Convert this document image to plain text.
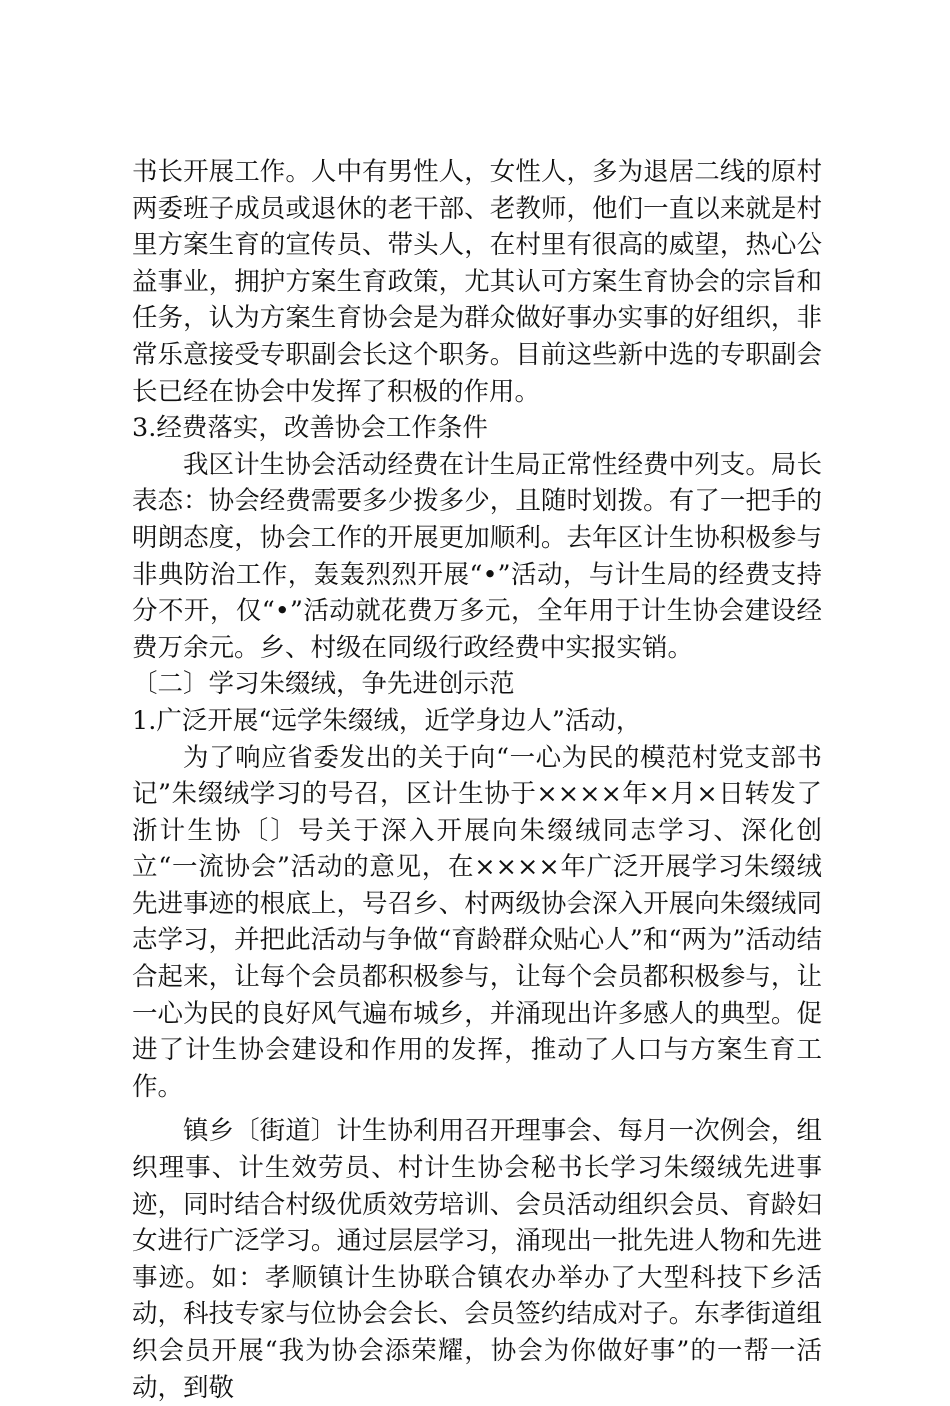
书长开展工作。人中有男性人，女性人，多为退居二线的原村两委班子成员或退休的老干部、老教师，他们一直以来就是村里方案生育的宣传员、带头人，在村里有很高的威望，热心公益事业，拥护方案生育政策，尤其认可方案生育协会的宗旨和任务，认为方案生育协会是为群众做好事办实事的好组织，非常乐意接受专职副会长这个职务。目前这些新中选的专职副会长已经在协会中发挥了积极的作用。

3.经费落实，改善协会工作条件

我区计生协会活动经费在计生局正常性经费中列支。局长表态：协会经费需要多少拨多少，且随时划拨。有了一把手的明朗态度，协会工作的开展更加顺利。去年区计生协积极参与非典防治工作，轰轰烈烈开展“•”活动，与计生局的经费支持分不开，仅“•”活动就花费万多元，全年用于计生协会建设经费万余元。乡、村级在同级行政经费中实报实销。

〔二〕学习朱缀绒，争先进创示范

1.广泛开展“远学朱缀绒，近学身边人”活动，

为了响应省委发出的关于向“一心为民的模范村党支部书记”朱缀绒学习的号召，区计生协于××××年×月×日转发了浙计生协〔〕号关于深入开展向朱缀绒同志学习、深化创立“一流协会”活动的意见，在××××年广泛开展学习朱缀绒先进事迹的根底上，号召乡、村两级协会深入开展向朱缀绒同志学习，并把此活动与争做“育龄群众贴心人”和“两为”活动结合起来，让每个会员都积极参与，让每个会员都积极参与，让一心为民的良好风气遍布城乡，并涌现出许多感人的典型。促进了计生协会建设和作用的发挥，推动了人口与方案生育工作。

镇乡〔街道〕计生协利用召开理事会、每月一次例会，组织理事、计生效劳员、村计生协会秘书长学习朱缀绒先进事迹，同时结合村级优质效劳培训、会员活动组织会员、育龄妇女进行广泛学习。通过层层学习，涌现出一批先进人物和先进事迹。如：孝顺镇计生协联合镇农办举办了大型科技下乡活动，科技专家与位协会会长、会员签约结成对子。东孝街道组织会员开展“我为协会添荣耀，协会为你做好事”的一帮一活动，到敬
